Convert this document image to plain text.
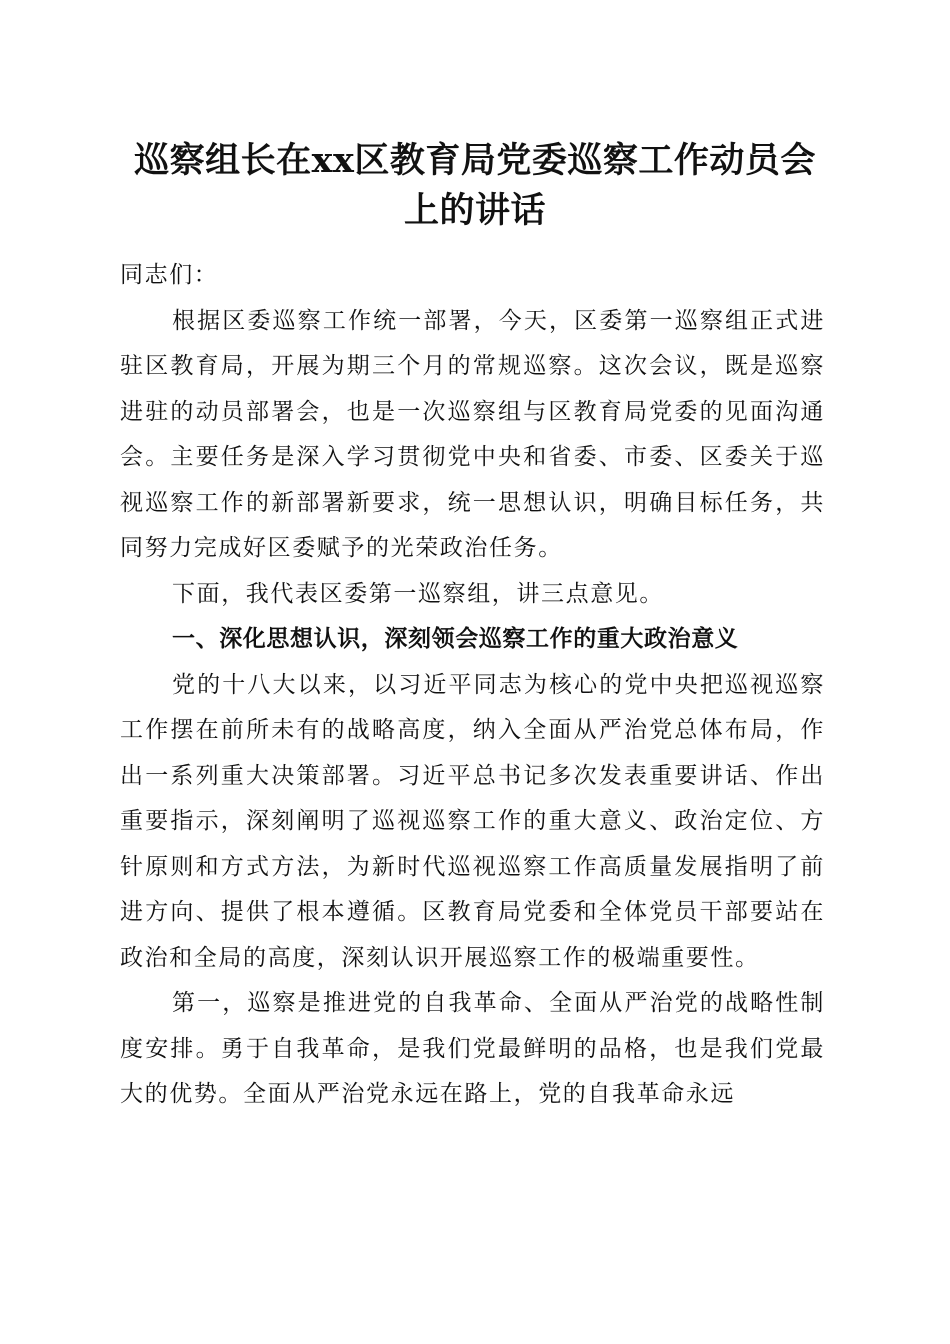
巡察组长在xx区教育局党委巡察工作动员会
上的讲话

同志们：

根据区委巡察工作统一部署，今天，区委第一巡察组正式进驻区教育局，开展为期三个月的常规巡察。这次会议，既是巡察进驻的动员部署会，也是一次巡察组与区教育局党委的见面沟通会。主要任务是深入学习贯彻党中央和省委、市委、区委关于巡视巡察工作的新部署新要求，统一思想认识，明确目标任务，共同努力完成好区委赋予的光荣政治任务。

下面，我代表区委第一巡察组，讲三点意见。

一、深化思想认识，深刻领会巡察工作的重大政治意义

党的十八大以来，以习近平同志为核心的党中央把巡视巡察工作摆在前所未有的战略高度，纳入全面从严治党总体布局，作出一系列重大决策部署。习近平总书记多次发表重要讲话、作出重要指示，深刻阐明了巡视巡察工作的重大意义、政治定位、方针原则和方式方法，为新时代巡视巡察工作高质量发展指明了前进方向、提供了根本遵循。区教育局党委和全体党员干部要站在政治和全局的高度，深刻认识开展巡察工作的极端重要性。

第一，巡察是推进党的自我革命、全面从严治党的战略性制度安排。勇于自我革命，是我们党最鲜明的品格，也是我们党最大的优势。全面从严治党永远在路上，党的自我革命永远
